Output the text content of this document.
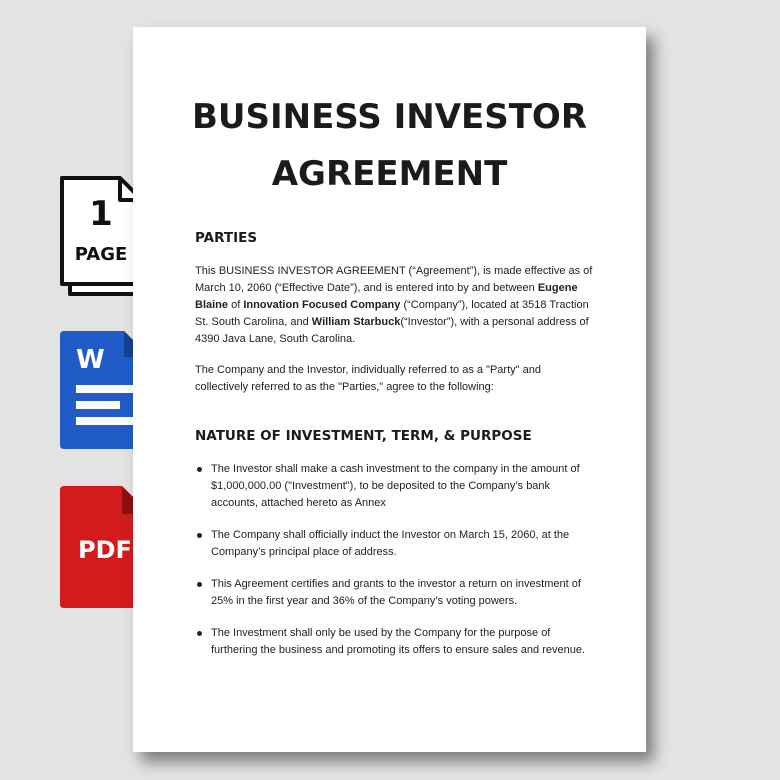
1
PAGE
W
PDF
BUSINESS INVESTOR
AGREEMENT
PARTIES

This BUSINESS INVESTOR AGREEMENT (“Agreement”), is made effective as of March 10, 2060 (“Effective Date”), and is entered into by and between Eugene Blaine of Innovation Focused Company (“Company”), located at 3518 Traction St. South Carolina, and William Starbuck(“Investor”), with a personal address of 4390 Java Lane, South Carolina.

The Company and the Investor, individually referred to as a "Party" and collectively referred to as the "Parties," agree to the following:

NATURE OF INVESTMENT, TERM, & PURPOSE
The Investor shall make a cash investment to the company in the amount of $1,000,000.00 ("Investment"), to be deposited to the Company’s bank accounts, attached hereto as Annex
The Company shall officially induct the Investor on March 15, 2060, at the Company’s principal place of address.
This Agreement certifies and grants to the investor a return on investment of 25% in the first year and 36% of the Company’s voting powers.
The Investment shall only be used by the Company for the purpose of furthering the business and promoting its offers to ensure sales and revenue.
